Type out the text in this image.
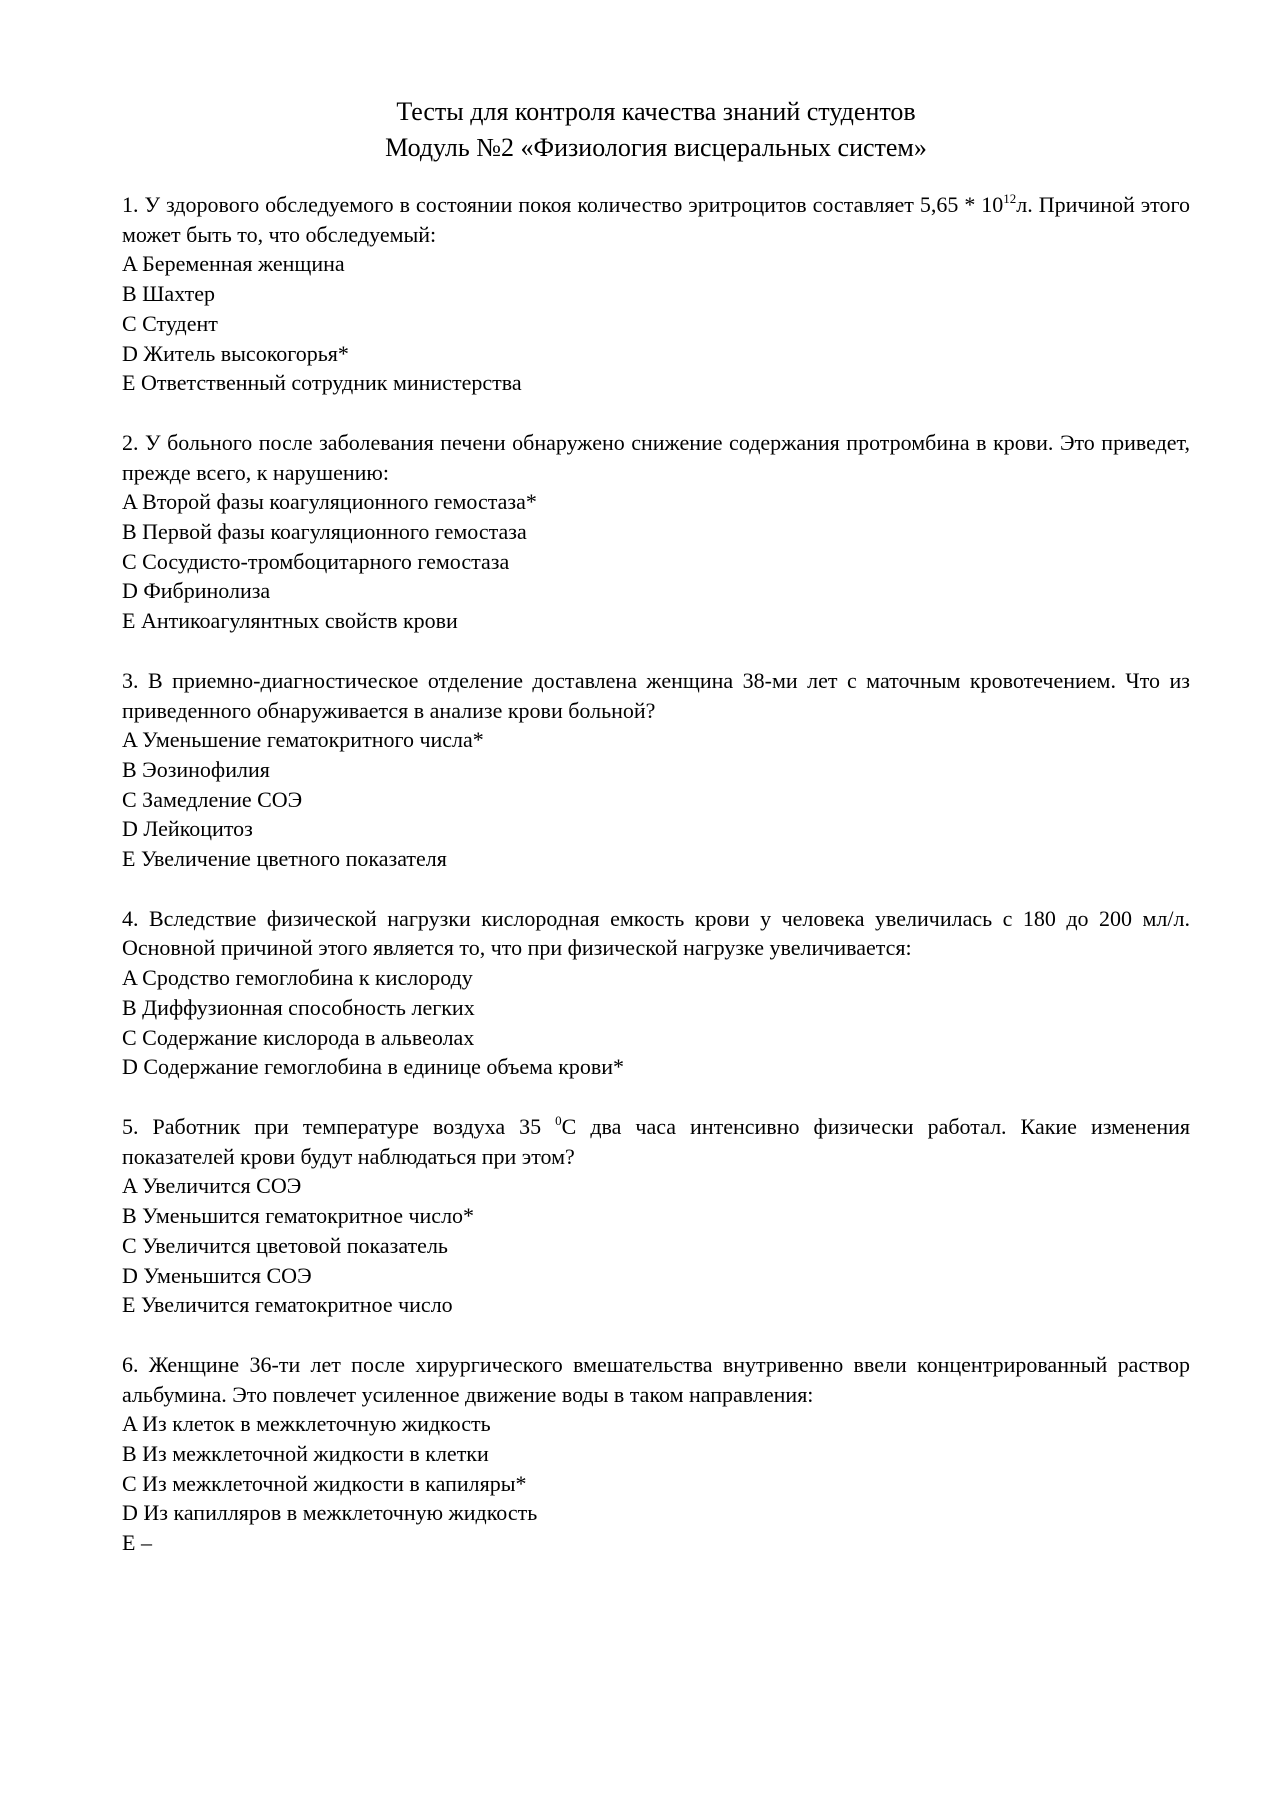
Тесты для контроля качества знаний студентов
Модуль №2 «Физиология висцеральных систем»
1. У здорового обследуемого в состоянии покоя количество эритроцитов составляет $5,65 * 10^{12}л$. Причиной этого может быть то, что обследуемый:
A Беременная женщина
B Шахтер
C Студент
D Житель высокогорья*
E Ответственный сотрудник министерства
2. У больного после заболевания печени обнаружено снижение содержания протромбина в крови. Это приведет, прежде всего, к нарушению:
A Второй фазы коагуляционного гемостаза*
B Первой фазы коагуляционного гемостаза
C Сосудисто-тромбоцитарного гемостаза
D Фибринолиза
E Антикоагулянтных свойств крови
3. В приемно-диагностическое отделение доставлена женщина 38-ми лет с маточным кровотечением. Что из приведенного обнаруживается в анализе крови больной?
A Уменьшение гематокритного числа*
B Эозинофилия
C Замедление СОЭ
D Лейкоцитоз
E Увеличение цветного показателя
4. Вследствие физической нагрузки кислородная емкость крови у человека увеличилась с 180 до 200 мл/л. Основной причиной этого является то, что при физической нагрузке увеличивается:
A Сродство гемоглобина к кислороду
B Диффузионная способность легких
C Содержание кислорода в альвеолах
D Содержание гемоглобина в единице объема крови*
5. Работник при температуре воздуха 35 $^0$С два часа интенсивно физически работал. Какие изменения показателей крови будут наблюдаться при этом?
A Увеличится СОЭ
B Уменьшится гематокритное число*
C Увеличится цветовой показатель
D Уменьшится СОЭ
E Увеличится гематокритное число
6. Женщине 36-ти лет после хирургического вмешательства внутривенно ввели концентрированный раствор альбумина. Это повлечет усиленное движение воды в таком направления:
A Из клеток в межклеточную жидкость
B Из межклеточной жидкости в клетки
C Из межклеточной жидкости в капиляры*
D Из капилляров в межклеточную жидкость
E –
